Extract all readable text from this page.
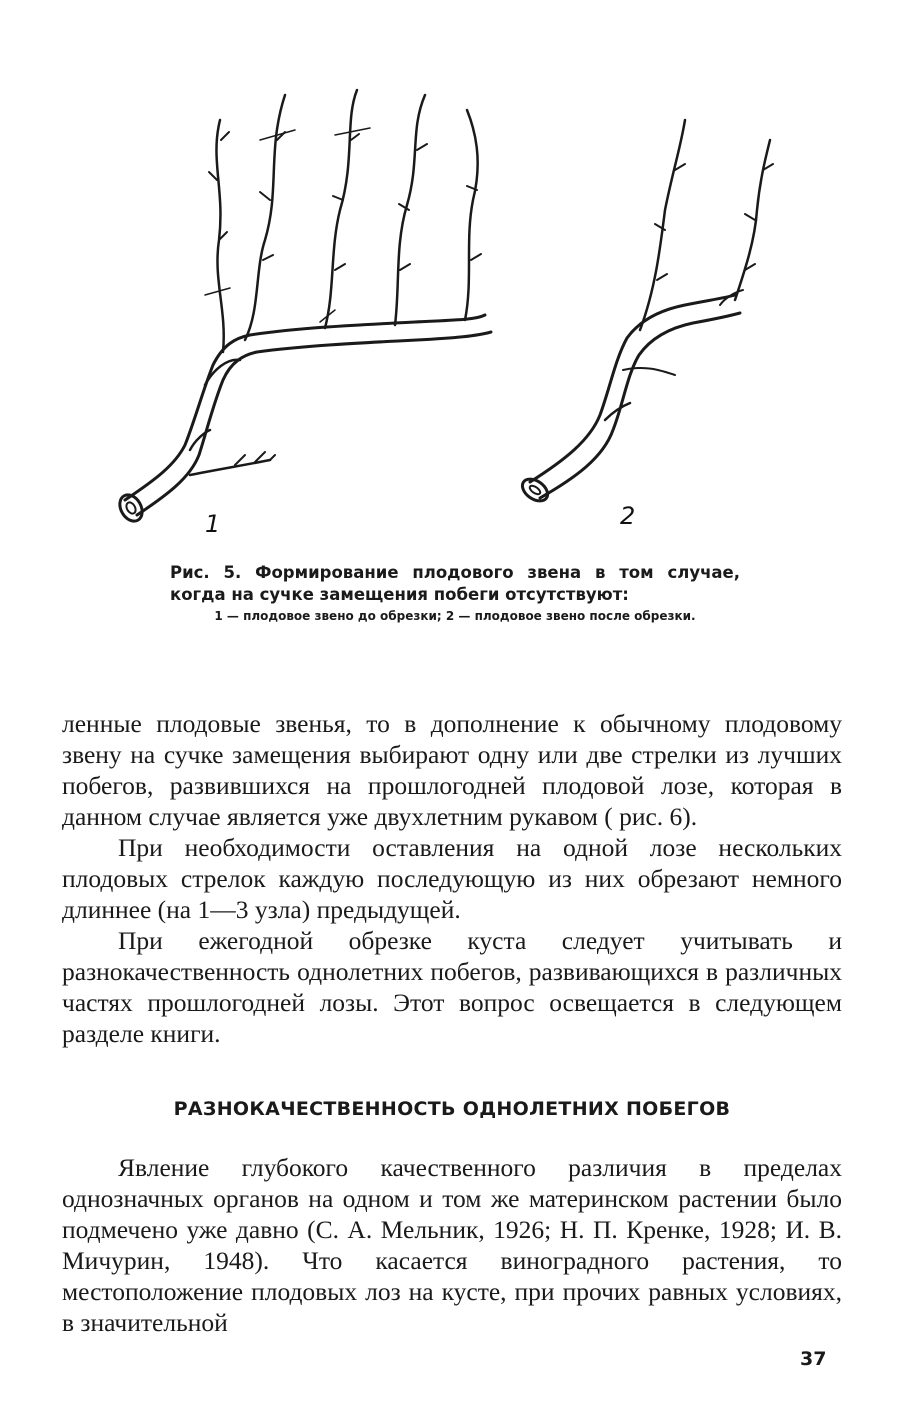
1	2

Рис. 5. Формирование плодового звена в том случае, когда на сучке замещения побеги отсутствуют:

1 — плодовое звено до обрезки; 2 — плодовое звено после обрезки.

ленные плодовые звенья, то в дополнение к обычному плодовому звену на сучке замещения выбирают одну или две стрелки из лучших побегов, развившихся на прошлогодней плодовой лозе, которая в данном случае является уже двухлетним рукавом ( рис. 6).

При необходимости оставления на одной лозе нескольких плодовых стрелок каждую последующую из них обрезают немного длиннее (на 1—3 узла) предыдущей.

При ежегодной обрезке куста следует учитывать и разнокачественность однолетних побегов, развивающихся в различных частях прошлогодней лозы. Этот вопрос освещается в следующем разделе книги.

РАЗНОКАЧЕСТВЕННОСТЬ ОДНОЛЕТНИХ ПОБЕГОВ

Явление глубокого качественного различия в пределах однозначных органов на одном и том же материнском растении было подмечено уже давно (С. А. Мельник, 1926; Н. П. Кренке, 1928; И. В. Мичурин, 1948). Что касается виноградного растения, то местоположение плодовых лоз на кусте, при прочих равных условиях, в значительной

37
